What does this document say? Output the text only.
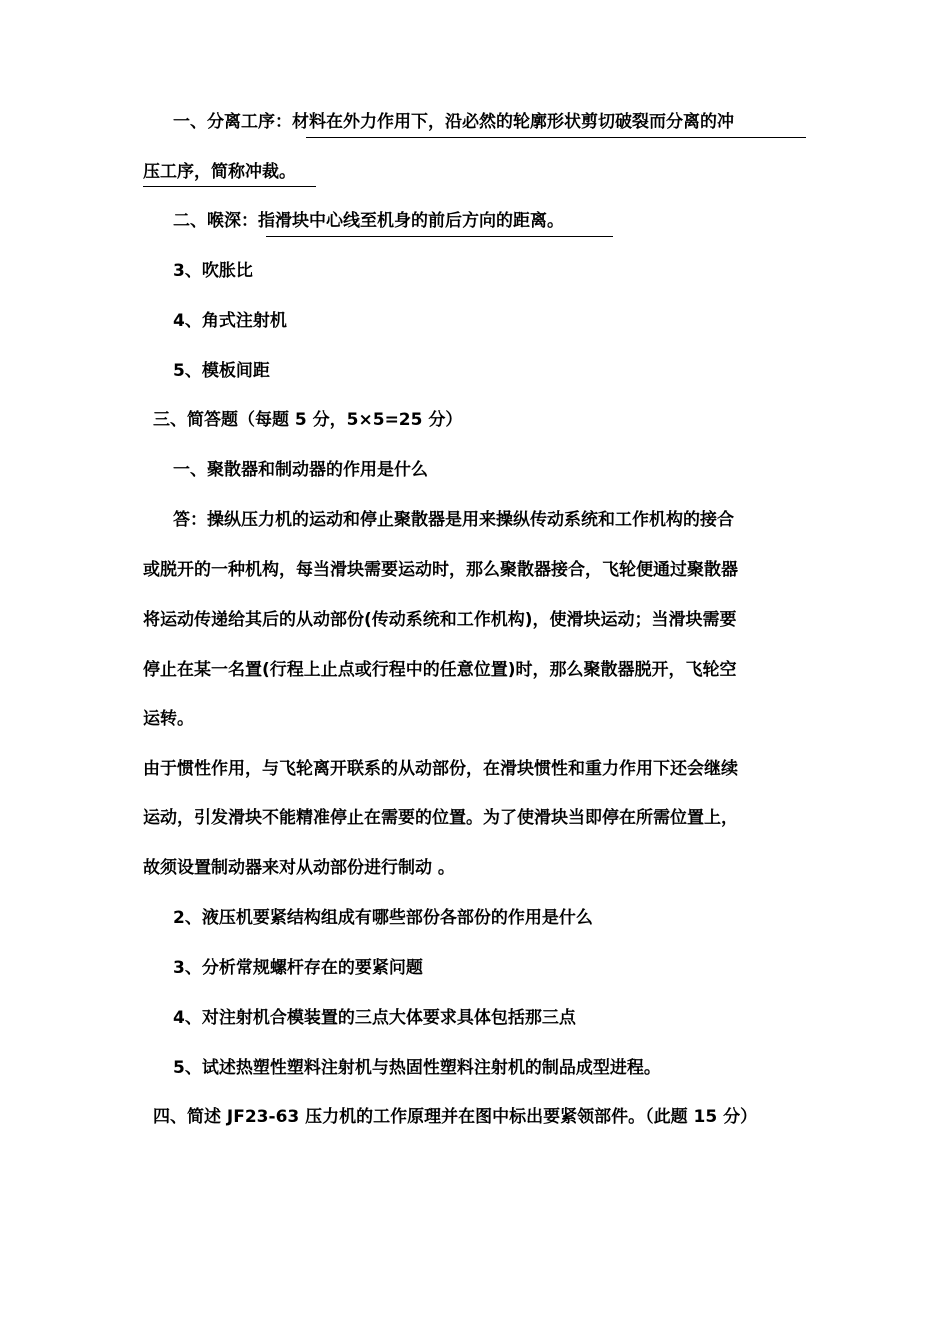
一、分离工序：材料在外力作用下，沿必然的轮廓形状剪切破裂而分离的冲
压工序，简称冲裁。
二、喉深：指滑块中心线至机身的前后方向的距离。
3、吹胀比
4、角式注射机
5、模板间距
三、简答题（每题 5 分，5×5=25 分）
一、聚散器和制动器的作用是什么
答：操纵压力机的运动和停止聚散器是用来操纵传动系统和工作机构的接合
或脱开的一种机构，每当滑块需要运动时，那么聚散器接合，飞轮便通过聚散器
将运动传递给其后的从动部份(传动系统和工作机构)，使滑块运动；当滑块需要
停止在某一名置(行程上止点或行程中的任意位置)时，那么聚散器脱开，飞轮空
运转。
由于惯性作用，与飞轮离开联系的从动部份，在滑块惯性和重力作用下还会继续
运动，引发滑块不能精准停止在需要的位置。为了使滑块当即停在所需位置上，
故须设置制动器来对从动部份进行制动 。
2、液压机要紧结构组成有哪些部份各部份的作用是什么
3、分析常规螺杆存在的要紧问题
4、对注射机合模装置的三点大体要求具体包括那三点
5、试述热塑性塑料注射机与热固性塑料注射机的制品成型进程。
四、简述 JF23-63 压力机的工作原理并在图中标出要紧领部件。（此题 15 分）
